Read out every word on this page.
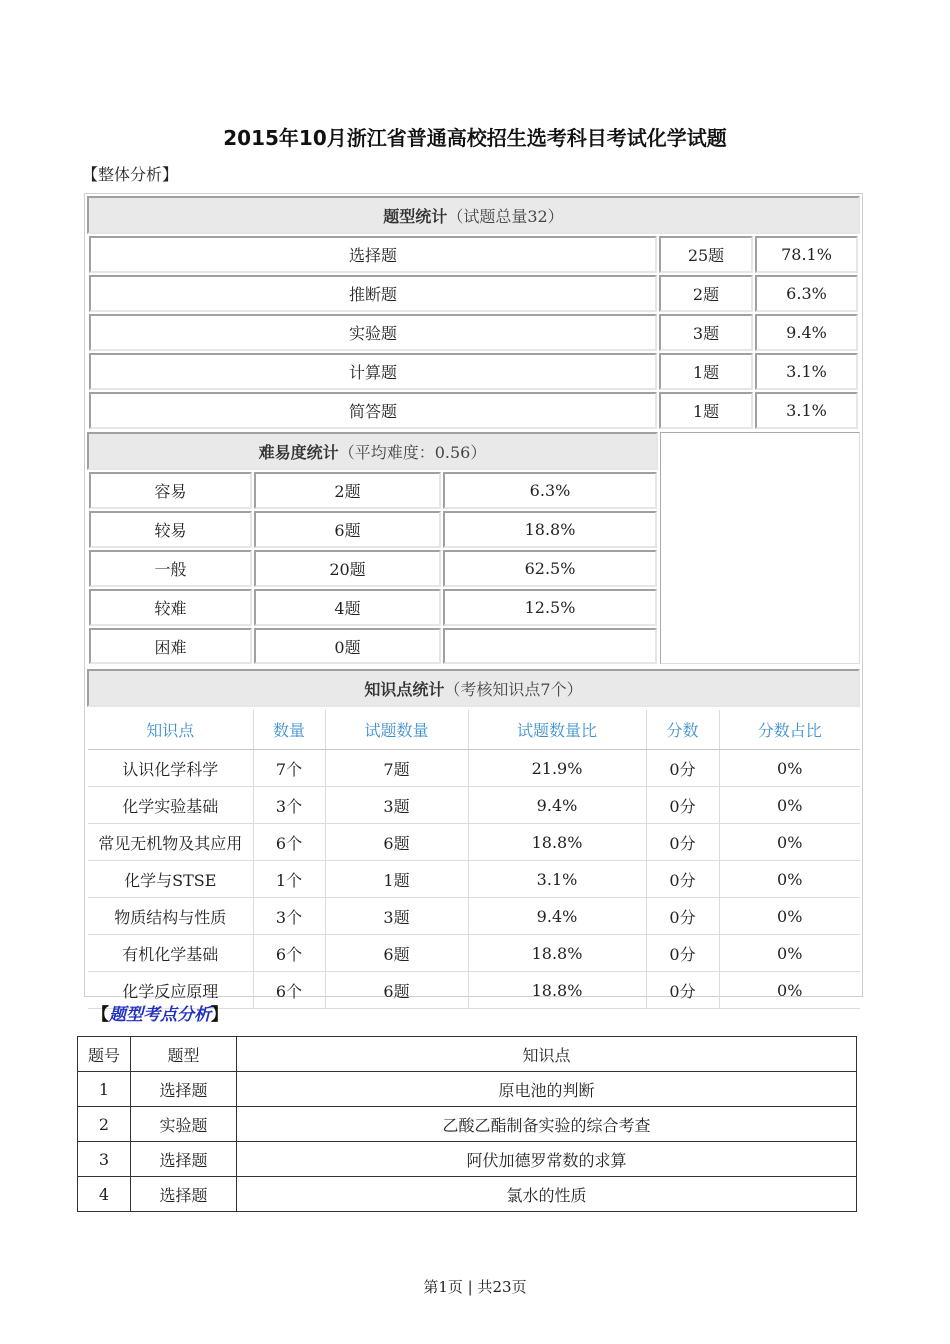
2015年10月浙江省普通高校招生选考科目考试化学试题
【整体分析】
题型统计 （试题总量32）
选择题	25题	78.1%
推断题	2题	6.3%
实验题	3题	9.4%
计算题	1题	3.1%
简答题	1题	3.1%
难易度统计 （平均难度：0.56）
容易	2题	6.3%
较易	6题	18.8%
一般	20题	62.5%
较难	4题	12.5%
困难	0题
知识点统计 （考核知识点7个）
知识点	数量	试题数量	试题数量比	分数	分数占比
认识化学科学	7个	7题	21.9%	0分	0%
化学实验基础	3个	3题	9.4%	0分	0%
常见无机物及其应用	6个	6题	18.8%	0分	0%
化学与STSE	1个	1题	3.1%	0分	0%
物质结构与性质	3个	3题	9.4%	0分	0%
有机化学基础	6个	6题	18.8%	0分	0%
化学反应原理	6个	6题	18.8%	0分	0%
【题型考点分析】
题号	题型	知识点
1	选择题	原电池的判断
2	实验题	乙酸乙酯制备实验的综合考查
3	选择题	阿伏加德罗常数的求算
4	选择题	氯水的性质
第1页 | 共23页
